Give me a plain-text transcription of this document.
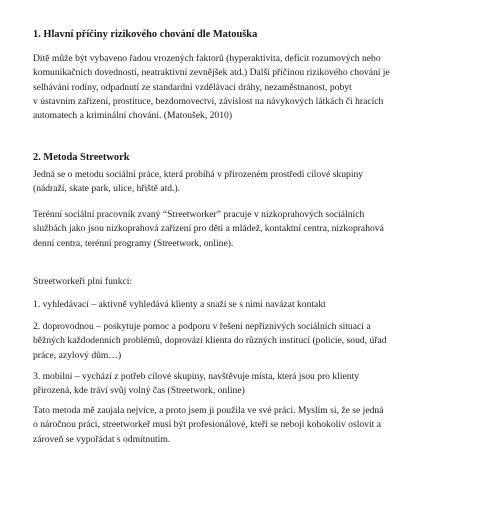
1. Hlavní příčiny rizikového chování dle Matouška
Dítě může být vybaveno řadou vrozených faktorů (hyperaktivita, deficit rozumových nebo
komunikačních dovedností, neatraktivní zevnějšek atd.) Další příčinou rizikového chování je
selhávání rodiny, odpadnutí ze standardní vzdělávací dráhy, nezaměstnanost, pobyt
v ústavním zařízení, prostituce, bezdomovectví, závislost na návykových látkách či hracích
automatech a kriminální chování. (Matoušek, 2010)
2. Metoda Streetwork
Jedná se o metodu sociální práce, která probíhá v přirozeném prostředí cílové skupiny
(nádraží, skate park, ulice, hřiště atd.).
Terénní sociální pracovník zvaný “Streetworker” pracuje v nízkoprahových sociálních
službách jako jsou nízkoprahová zařízení pro děti a mládež, kontaktní centra, nízkoprahová
denní centra, terénní programy (Streetwork, online).
Streetworkeři plní funkci:
1. vyhledávací – aktivně vyhledává klienty a snaží se s nimi navázat kontakt
2. doprovodnou – poskytuje pomoc a podporu v řešení nepříznivých sociálních situací a
běžných každodenních problémů, doprovází klienta do různých institucí (policie, soud, úřad
práce, azylový dům…)
3. mobilní – vychází z potřeb cílové skupiny, navštěvuje místa, která jsou pro klienty
přirozená, kde tráví svůj volný čas (Streetwork, online)
Tato metoda mě zaujala nejvíce, a proto jsem ji použila ve své práci. Myslím si, že se jedná
o náročnou práci, streetworkeř musí být profesionálové, kteří se nebojí kohokoliv oslovit a
zároveň se vypořádat s odmítnutím.
